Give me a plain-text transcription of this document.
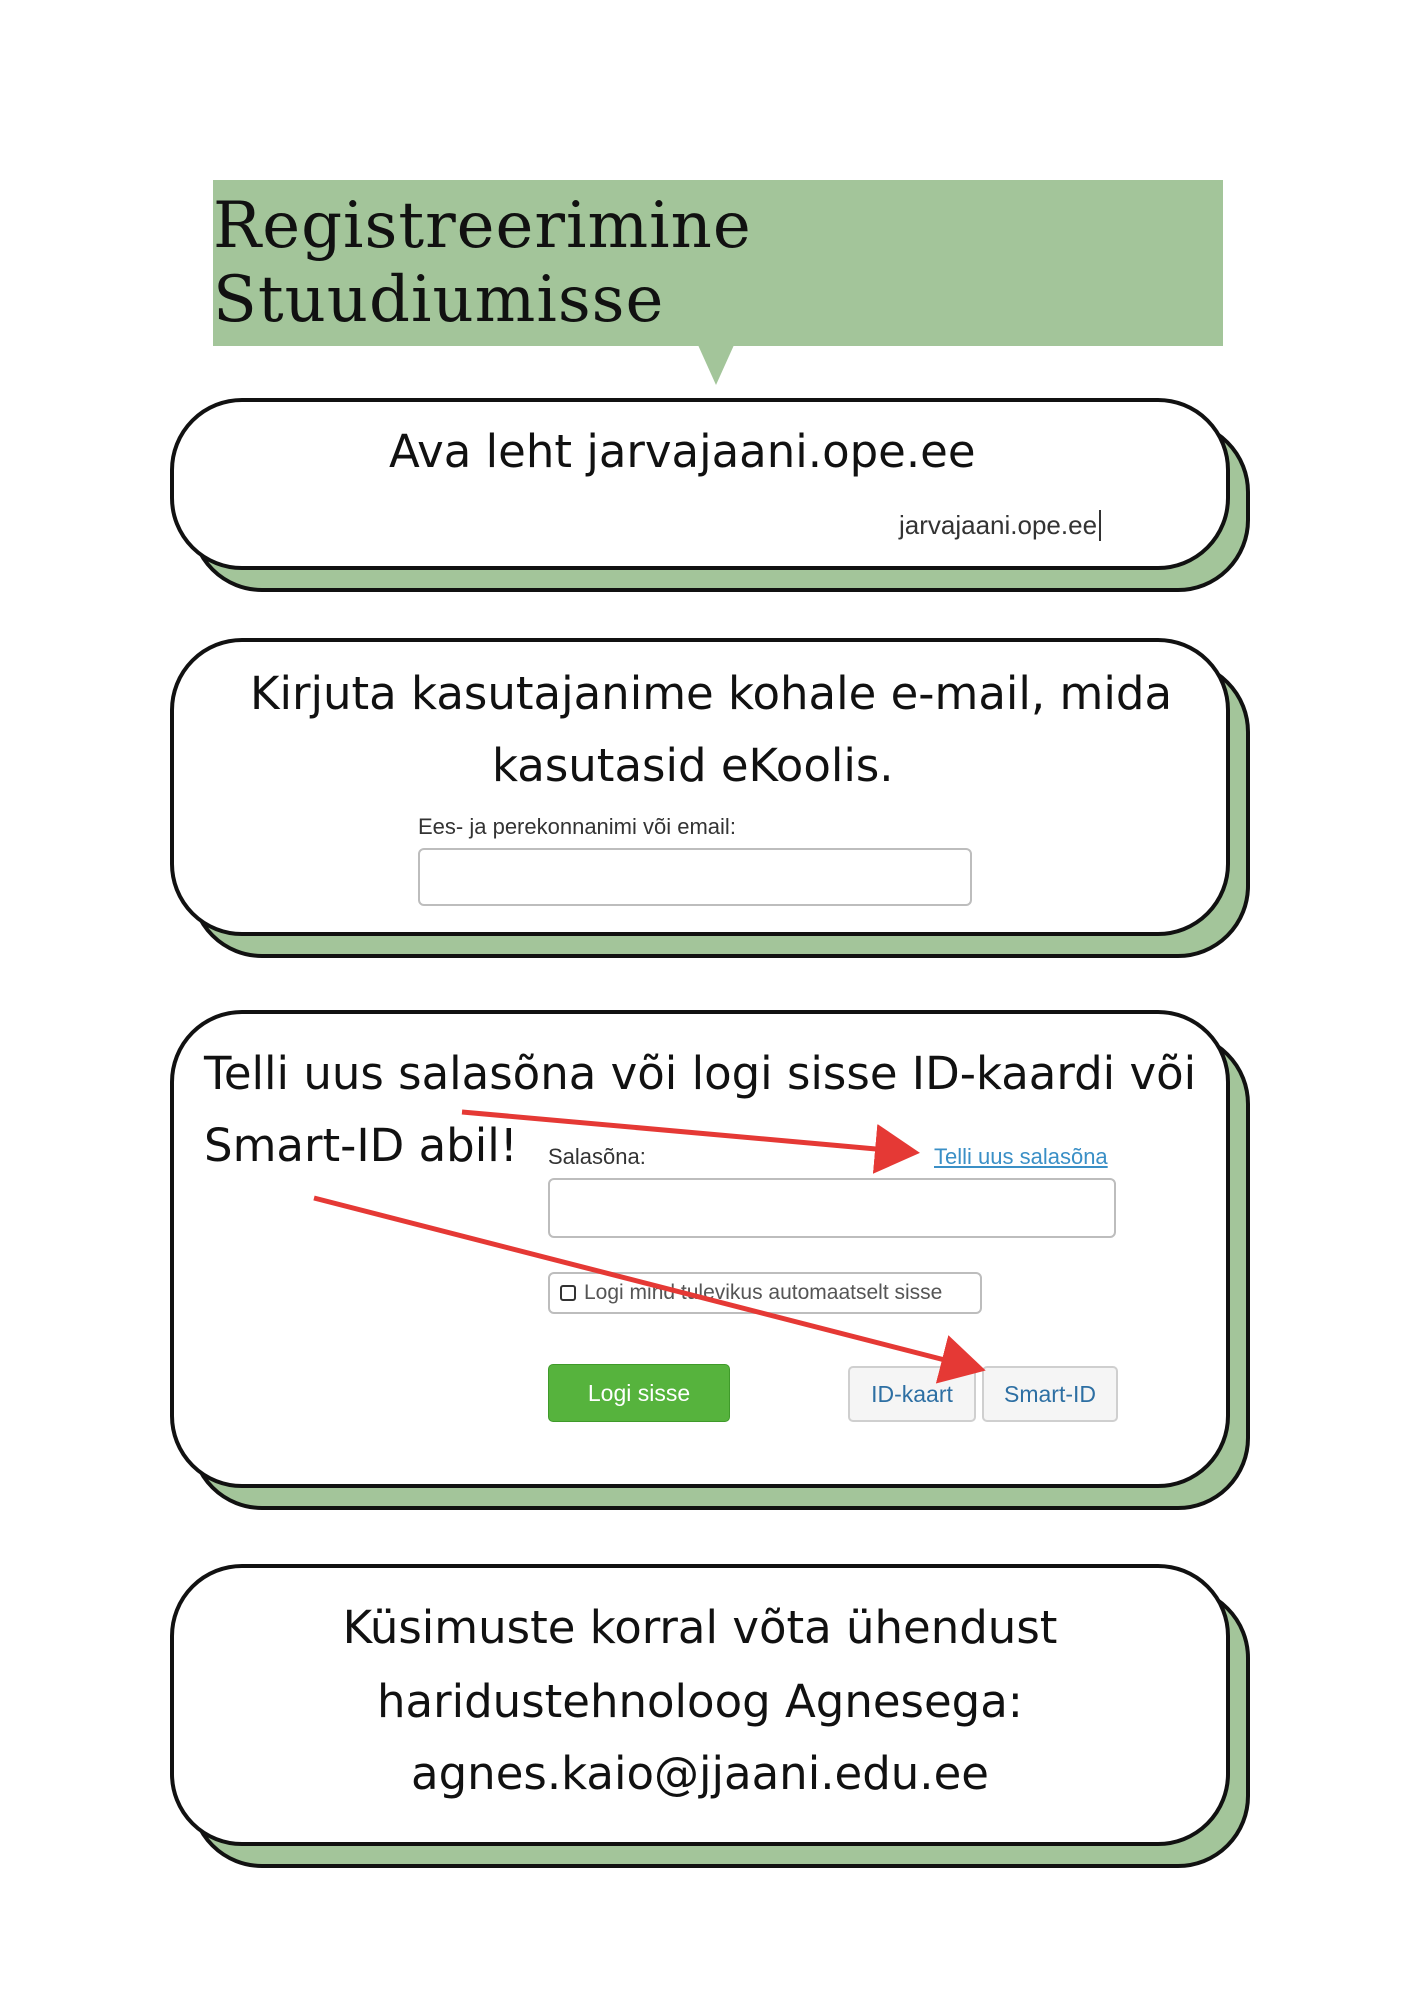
Registreerimine Stuudiumisse

Ava leht jarvajaani.ope.ee

jarvajaani.ope.ee

Kirjuta kasutajanime kohale e-mail, mida

kasutasid eKoolis.

Ees- ja perekonnanimi või email:

Telli uus salasõna või logi sisse ID-kaardi või

Smart-ID abil! Salasõna:	Telli uus salasõna
Logi mind tulevikus automaatselt sisse
Logi sisse	ID-kaart	Smart-ID

Küsimuste korral võta ühendust

haridustehnoloog Agnesega:

agnes.kaio@jjaani.edu.ee
